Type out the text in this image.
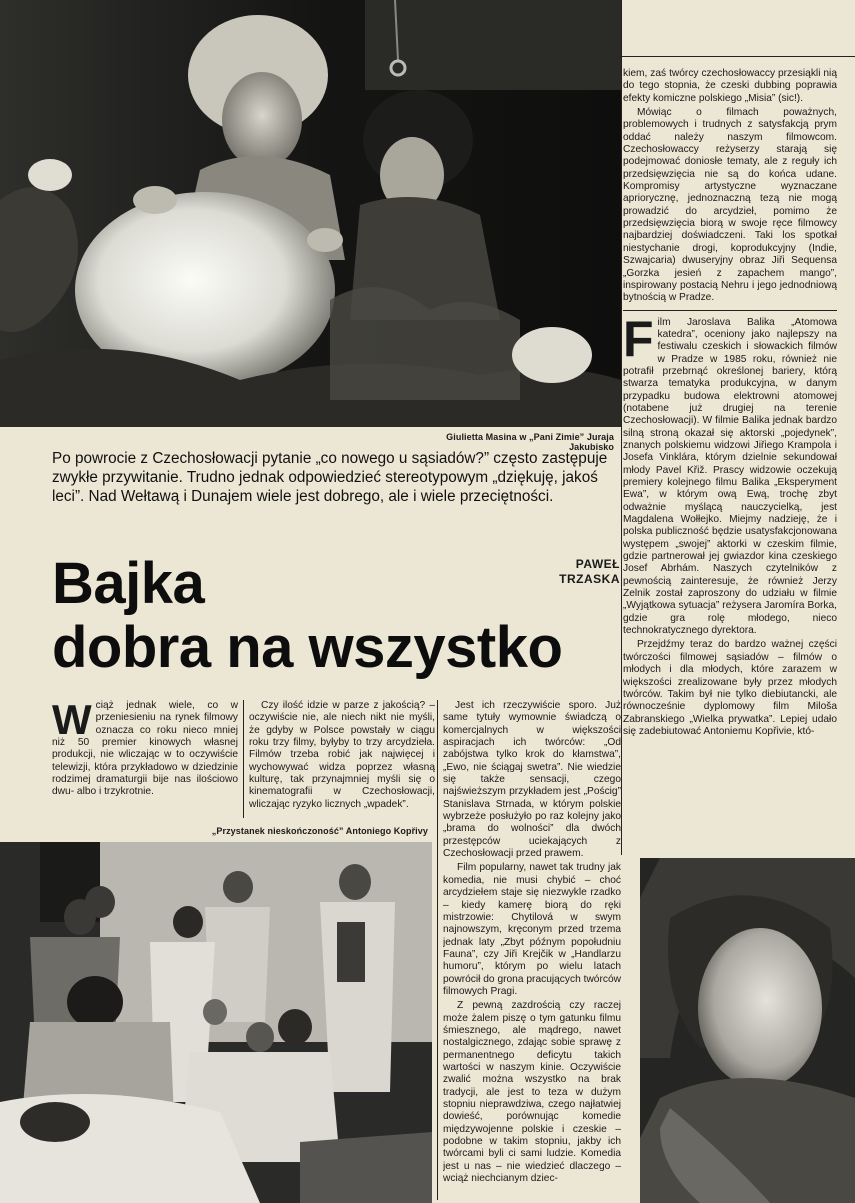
Giulietta Masina w „Pani Zimie” Juraja Jakubisko
Po powrocie z Czechosłowacji pytanie „co nowego u sąsiadów?” często zastępuje zwykłe przywitanie. Trudno jednak odpowiedzieć stereotypowym „dziękuję, jakoś leci”. Nad Wełtawą i Dunajem wiele jest dobrego, ale i wiele przeciętności.
Bajka
dobra na wszystko
PAWEŁ
TRZASKA

kiem, zaś twórcy czechosłowaccy przesiąkli nią do tego stopnia, że czeski dubbing poprawia efekty komiczne polskiego „Misia” (sic!).

Mówiąc o filmach poważnych, problemowych i trudnych z satysfakcją prym oddać należy naszym filmowcom. Czechosłowaccy reżyserzy starają się podejmować doniosłe tematy, ale z reguły ich przedsięwzięcia nie są do końca udane. Kompromisy artystyczne wyznaczane apriorycznę, jednoznaczną tezą nie mogą prowadzić do arcydzieł, pomimo że przedsięwzięcia biorą w swoje ręce filmowcy najbardziej doświadczeni. Taki los spotkał niestychanie drogi, koprodukcyjny (Indie, Szwajcaria) dwuseryjny obraz Jiři Sequensa „Gorzka jesień z zapachem mango”, inspirowany postacią Nehru i jego jednodniową bytnością w Pradze.

F ilm Jaroslava Balika „Atomowa katedra”, oceniony jako najlepszy na festiwalu czeskich i słowackich filmów w Pradze w 1985 roku, również nie potrafił przebrnąć określonej bariery, którą stwarza tematyka produkcyjna, w danym przypadku budowa elektrowni atomowej (notabene już drugiej na terenie Czechosłowacji). W filmie Balika jednak bardzo silną stroną okazał się aktorski „pojedynek”, znanych polskiemu widzowi Jiřiego Krampola i Josefa Vinklára, którym dzielnie sekundował młody Pavel Křiž. Prascy widzowie oczekują premiery kolejnego filmu Balika „Eksperyment Ewa”, w którym ową Ewą, trochę zbyt odważnie myślącą nauczycielką, jest Magdalena Wołłejko. Miejmy nadzieję, że i polska publiczność będzie usatysfakcjonowana występem „swojej” aktorki w czeskim filmie, gdzie partnerował jej gwiazdor kina czeskiego Josef Abrhám. Naszych czytelników z pewnością zainteresuje, że również Jerzy Zelnik został zaproszony do udziału w filmie „Wyjątkowa sytuacja” reżysera Jaromíra Borka, gdzie gra rolę młodego, nieco technokratycznego dyrektora.

Przejdźmy teraz do bardzo ważnej części twórczości filmowej sąsiadów – filmów o młodych i dla młodych, które zarazem w większości zrealizowane były przez młodych twórców. Takim był nie tylko diebiutancki, ale równocześnie dyplomowy film Miloša Zabranskiego „Wielka prywatka”. Lepiej udało się zadebiutować Antoniemu Kopřivie, któ-

W ciąż jednak wiele, co w przeniesieniu na rynek filmowy oznacza co roku nieco mniej niż 50 premier kinowych własnej produkcji, nie wliczając w to oczywiście telewizji, która przykładowo w dziedzinie rodzimej dramaturgii bije nas ilościowo dwu- albo i trzykrotnie.

Czy ilość idzie w parze z jakością? – oczywiście nie, ale niech nikt nie myśli, że gdyby w Polsce powstały w ciągu roku trzy filmy, byłyby to trzy arcydzieła. Filmów trzeba robić jak najwięcej i wychowywać widza poprzez własną kulturę, tak przynajmniej myśli się o kinematografii w Czechosłowacji, wliczając ryzyko licznych „wpadek”.

Jest ich rzeczywiście sporo. Już same tytuły wymownie świadczą o komercjalnych w większości aspiracjach ich twórców: „Od zabójstwa tylko krok do kłamstwa”, „Ewo, nie ściągaj swetra”. Nie wiedzie się także sensacji, czego najświeższym przykładem jest „Pościg” Stanislava Strnada, w którym polskie wybrzeże posłużyło po raz kolejny jako „brama do wolności” dla dwóch przestępców uciekających z Czechosłowacji przed prawem.

Film popularny, nawet tak trudny jak komedia, nie musi chybić – choć arcydziełem staje się niezwykle rzadko – kiedy kamerę biorą do ręki mistrzowie: Chytilová w swym najnowszym, kręconym przed trzema jednak laty „Zbyt późnym popołudniu Fauna”, czy Jiři Krejčik w „Handlarzu humoru”, którym po wielu latach powrócił do grona pracujących twórców filmowych Pragi.

Z pewną zazdrością czy raczej może żalem piszę o tym gatunku filmu śmiesznego, ale mądrego, nawet nostalgicznego, zdając sobie sprawę z permanentnego deficytu takich wartości w naszym kinie. Oczywiście zwalić można wszystko na brak tradycji, ale jest to teza w dużym stopniu nieprawdziwa, czego najłatwiej dowieść, porównując komedie międzywojenne polskie i czeskie – podobne w takim stopniu, jakby ich twórcami byli ci sami ludzie. Komedia jest u nas – nie wiedzieć dlaczego – wciąż niechcianym dziec-

„Przystanek nieskończoność” Antoniego Kopřivy
